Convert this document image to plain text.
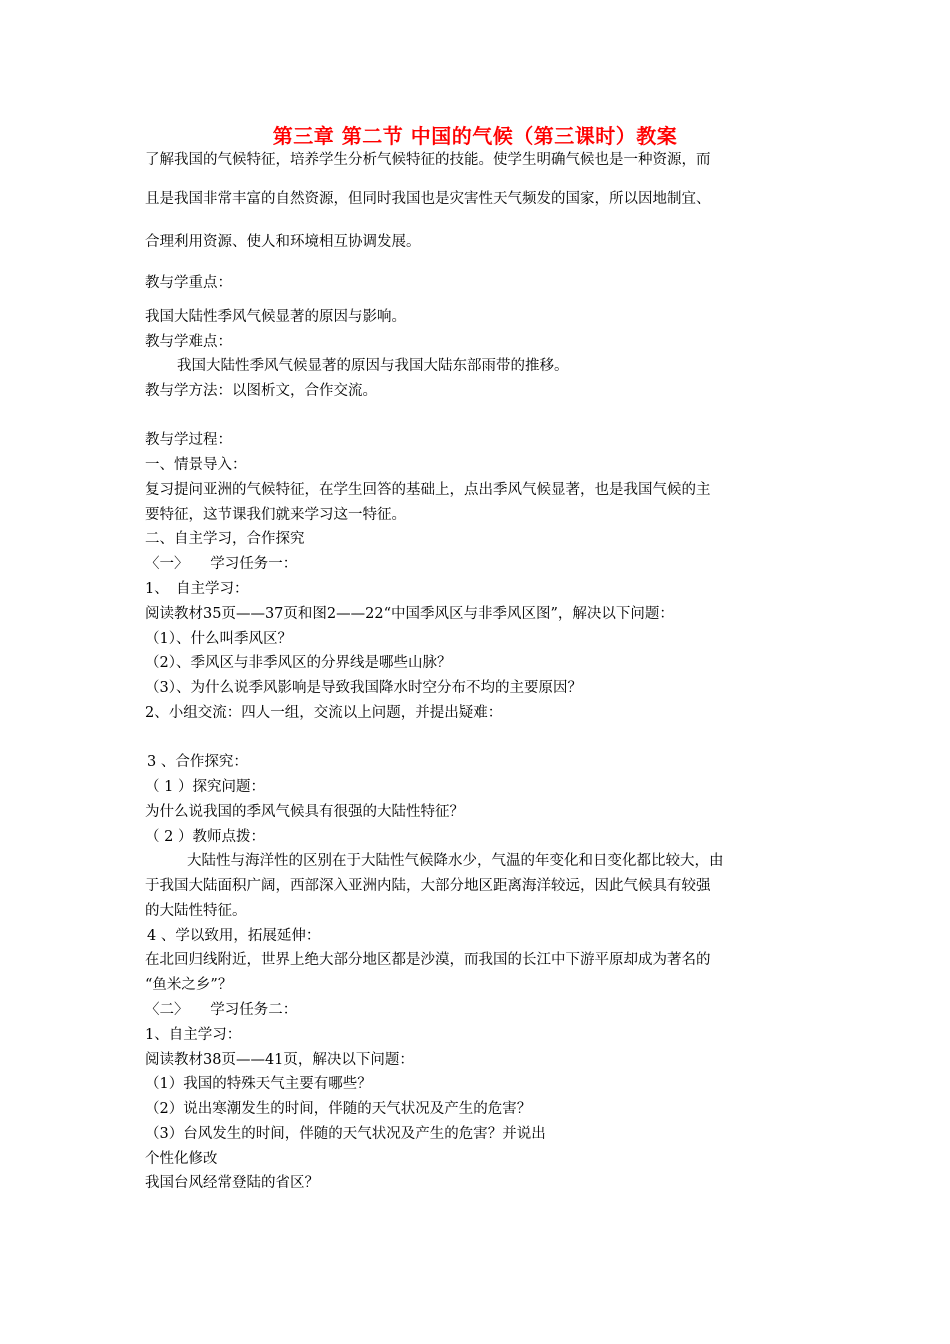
第三章 第二节 中国的气候（第三课时）教案
了解我国的气候特征，培养学生分析气候特征的技能。使学生明确气候也是一种资源，而
且是我国非常丰富的自然资源，但同时我国也是灾害性天气频发的国家，所以因地制宜、
合理利用资源、使人和环境相互协调发展。
教与学重点：
我国大陆性季风气候显著的原因与影响。
教与学难点：
我国大陆性季风气候显著的原因与我国大陆东部雨带的推移。
教与学方法：以图析文，合作交流。
教与学过程：
一、情景导入：
复习提问亚洲的气候特征，在学生回答的基础上，点出季风气候显著，也是我国气候的主
要特征，这节课我们就来学习这一特征。
二、自主学习，合作探究
〈一〉　　学习任务一：
1、　自主学习：
阅读教材35页——37页和图2——22“中国季风区与非季风区图”，解决以下问题：
（1）、什么叫季风区？
（2）、季风区与非季风区的分界线是哪些山脉？
（3）、为什么说季风影响是导致我国降水时空分布不均的主要原因？
2、小组交流：四人一组，交流以上问题，并提出疑难：
3 、合作探究：
（ 1 ）探究问题：
为什么说我国的季风气候具有很强的大陆性特征？
（ 2 ）教师点拨：
大陆性与海洋性的区别在于大陆性气候降水少，气温的年变化和日变化都比较大，由
于我国大陆面积广阔，西部深入亚洲内陆，大部分地区距离海洋较远，因此气候具有较强
的大陆性特征。
4 、学以致用，拓展延伸：
在北回归线附近，世界上绝大部分地区都是沙漠，而我国的长江中下游平原却成为著名的
“鱼米之乡”？
〈二〉　　学习任务二：
1、自主学习：
阅读教材38页——41页，解决以下问题：
（1）我国的特殊天气主要有哪些？
（2）说出寒潮发生的时间，伴随的天气状况及产生的危害？
（3）台风发生的时间，伴随的天气状况及产生的危害？并说出
个性化修改
我国台风经常登陆的省区？
